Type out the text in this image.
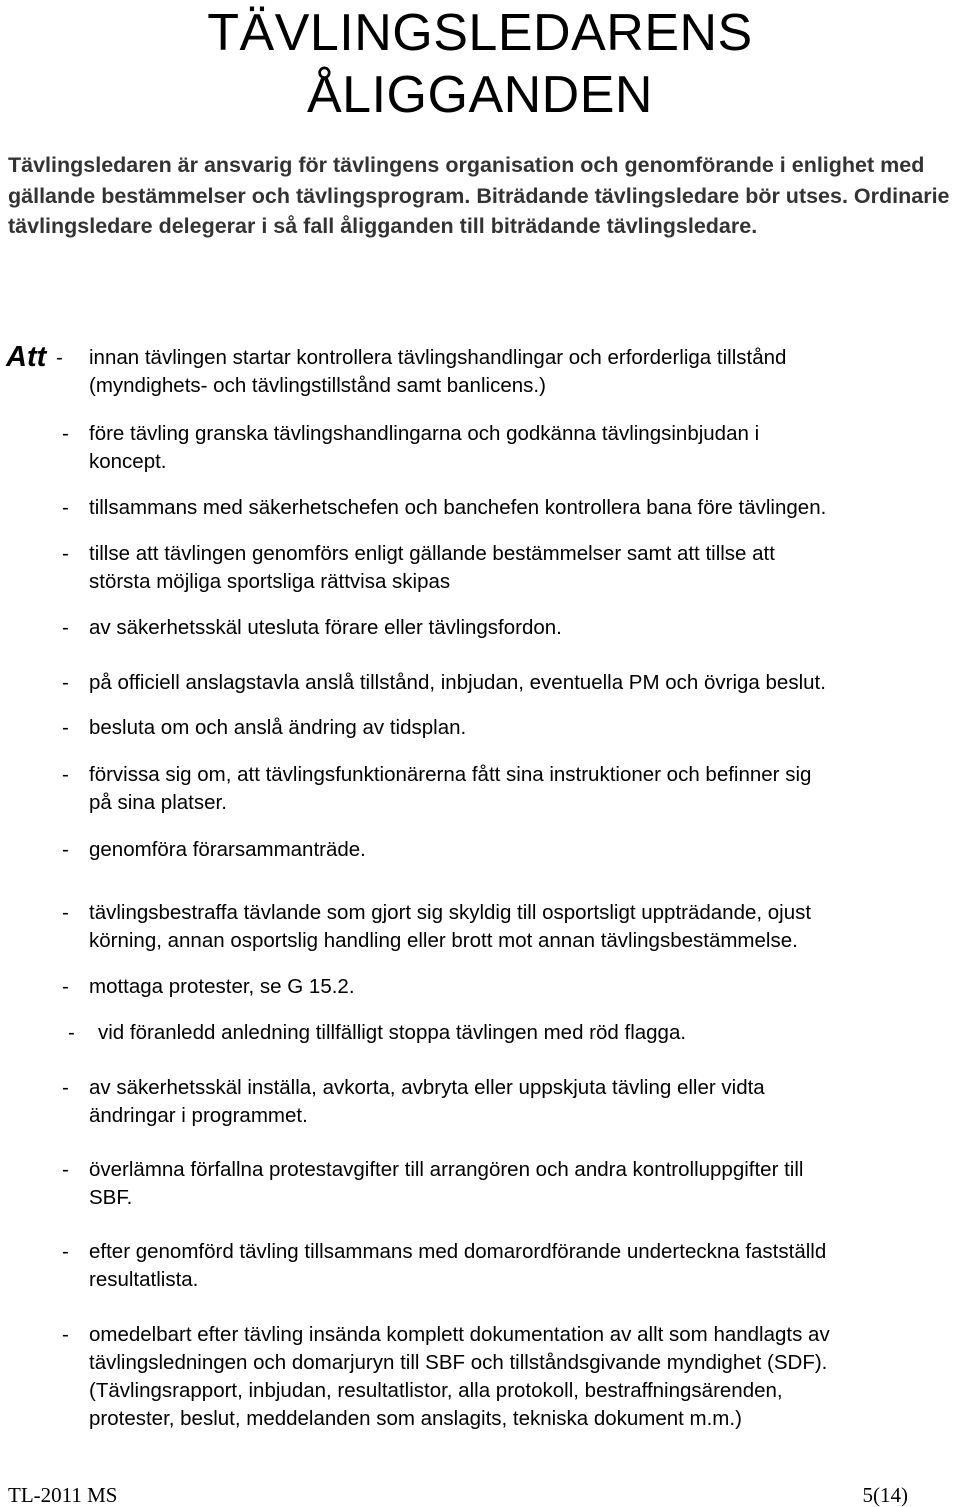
TÄVLINGSLEDARENS
ÅLIGGANDEN

Tävlingsledaren är ansvarig för tävlingens organisation och genomförande i enlighet med gällande bestämmelser och tävlingsprogram. Biträdande tävlingsledare bör utses. Ordinarie tävlingsledare delegerar i så fall åligganden till biträdande tävlingsledare.

Att -	innan tävlingen startar kontrollera tävlingshandlingar och erforderliga tillstånd
(myndighets- och tävlingstillstånd samt banlicens.)
- före tävling granska tävlingshandlingarna och godkänna tävlingsinbjudan i
koncept.
- tillsammans med säkerhetschefen och banchefen kontrollera bana före tävlingen.
- tillse att tävlingen genomförs enligt gällande bestämmelser samt att tillse att
största möjliga sportsliga rättvisa skipas
- av säkerhetsskäl utesluta förare eller tävlingsfordon.
- på officiell anslagstavla anslå tillstånd, inbjudan, eventuella PM och övriga beslut.
- besluta om och anslå ändring av tidsplan.
- förvissa sig om, att tävlingsfunktionärerna fått sina instruktioner och befinner sig
på sina platser.
- genomföra förarsammanträde.
- tävlingsbestraffa tävlande som gjort sig skyldig till osportsligt uppträdande, ojust
körning, annan osportslig handling eller brott mot annan tävlingsbestämmelse.
- mottaga protester, se G 15.2.
-	vid föranledd anledning tillfälligt stoppa tävlingen med röd flagga.
- av säkerhetsskäl inställa, avkorta, avbryta eller uppskjuta tävling eller vidta
ändringar i programmet.
- överlämna förfallna protestavgifter till arrangören och andra kontrolluppgifter till
SBF.
- efter genomförd tävling tillsammans med domarordförande underteckna fastställd
resultatlista.
- omedelbart efter tävling insända komplett dokumentation av allt som handlagts av
tävlingsledningen och domarjuryn till SBF och tillståndsgivande myndighet (SDF).
(Tävlingsrapport, inbjudan, resultatlistor, alla protokoll, bestraffningsärenden,
protester, beslut, meddelanden som anslagits, tekniska dokument m.m.)
TL-2011 MS	5(14)
